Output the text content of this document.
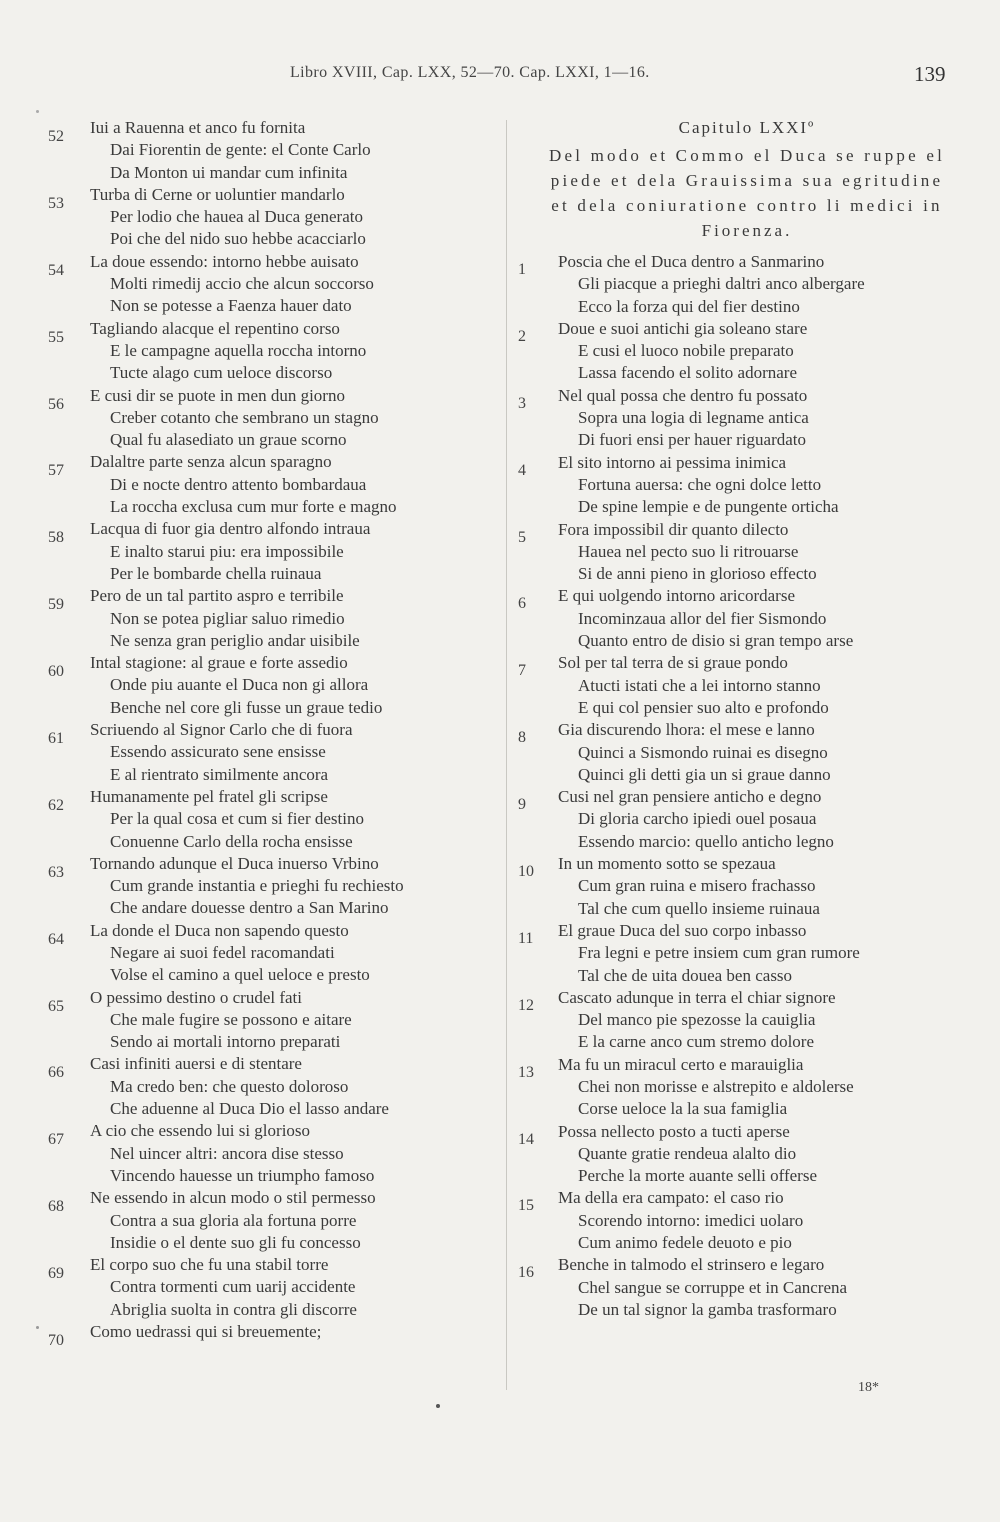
Libro XVIII, Cap. LXX, 52—70. Cap. LXXI, 1—16.	139
52	Iui a Rauenna et anco fu fornita
Dai Fiorentin de gente: el Conte Carlo
Da Monton ui mandar cum infinita
53	Turba di Cerne or uoluntier mandarlo
Per lodio che hauea al Duca generato
Poi che del nido suo hebbe acacciarlo
54	La doue essendo: intorno hebbe auisato
Molti rimedij accio che alcun soccorso
Non se potesse a Faenza hauer dato
55	Tagliando alacque el repentino corso
E le campagne aquella roccha intorno
Tucte alago cum uelocе discorso
56	E cusi dir se puote in men dun giorno
Creber cotanto che sembrano un stagno
Qual fu alasediato un graue scorno
57	Dalaltre parte senza alcun sparagno
Di e nocte dentro attento bombardaua
La roccha exclusa cum mur forte e magno
58	Lacqua di fuor gia dentro alfondo intraua
E inalto starui piu: era impossibile
Per le bombarde chella ruinaua
59	Pero de un tal partito aspro e terribile
Non se potea pigliar saluo rimedio
Ne senza gran periglio andar uisibile
60	Intal stagione: al graue e forte assedio
Onde piu auante el Duca non gi allora
Benche nel core gli fusse un graue tedio
61	Scriuendo al Signor Carlo che di fuora
Essendo assicurato sene ensisse
E al rientrato similmente ancora
62	Humanamente pel fratel gli scripse
Per la qual cosa et cum si fier destino
Conuenne Carlo della rocha ensisse
63	Tornando adunque el Duca inuerso Vrbino
Cum grande instantia e prieghi fu rechiesto
Che andare douesse dentro a San Marino
64	La donde el Duca non sapendo questo
Negare ai suoi fedel racomandati
Volse el camino a quel ueloce e presto
65	O pessimo destino o crudel fati
Che male fugire se possono e aitare
Sendo ai mortali intorno preparati
66	Casi infiniti auersi e di stentare
Ma credo ben: che questo doloroso
Che aduenne al Duca Dio el lasso andare
67	A cio che essendo lui si glorioso
Nel uincer altri: ancora dise stesso
Vincendo hauesse un triumpho famoso
68	Ne essendo in alcun modo o stil permesso
Contra a sua gloria ala fortuna porre
Insidie o el dente suo gli fu concesso
69	El corpo suo che fu una stabil torre
Contra tormenti cum uarij accidente
Abriglia suolta in contra gli discorre
70	Como uedrassi qui si breuemente;
Capitulo LXXIº
Del modo et Commo el Duca se ruppe el
piede et dela Grauissima sua egritudine
et dela coniuratione contro li medici in
Fiorenza.
1	Poscia che el Duca dentro a Sanmarino
Gli piacque a prieghi daltri anco albergare
Ecco la forza qui del fier destino
2	Doue e suoi antichi gia soleano stare
E cusi el luoco nobile preparato
Lassa facendo el solito adornare
3	Nel qual possa che dentro fu possato
Sopra una logia di legname antica
Di fuori ensi per hauer riguardato
4	El sito intorno ai pessima inimica
Fortuna auersa: che ogni dolce letto
De spine lempie e de pungente orticha
5	Fora impossibil dir quanto dilecto
Hauea nel pecto suo li ritrouarse
Si de anni pieno in glorioso effecto
6	E qui uolgendo intorno aricordarse
Incominzaua allor del fier Sismondo
Quanto entro de disio si gran tempo arse
7	Sol per tal terra de si graue pondo
Atucti istati che a lei intorno stanno
E qui col pensier suo alto e profondo
8	Gia discurendo lhora: el mese e lanno
Quinci a Sismondo ruinai es disegno
Quinci gli detti gia un si graue danno
9	Cusi nel gran pensiere anticho e degno
Di gloria carcho ipiedi ouel posaua
Essendo marcio: quello anticho legno
10	In un momento sotto se spezaua
Cum gran ruina e misero frachasso
Tal che cum quello insieme ruinaua
11	El graue Duca del suo corpo inbasso
Fra legni e petre insiem cum gran rumore
Tal che de uita douea ben casso
12	Cascato adunque in terra el chiar signore
Del manco pie spezosse la cauiglia
E la carne anco cum stremo dolore
13	Ma fu un miracul certo e marauiglia
Chei non morisse e alstrepito e aldolerse
Corse ueloce la la sua famiglia
14	Possa nellecto posto a tucti aperse
Quante gratie rendeua alalto dio
Perche la morte auante selli offerse
15	Ma della era campato: el caso rio
Scorendo intorno: imedici uolaro
Cum animo fedele deuoto e pio
16	Benche in talmodo el strinsero e legaro
Chel sangue se corruppe et in Cancrena
De un tal signor la gamba trasformaro
18*
